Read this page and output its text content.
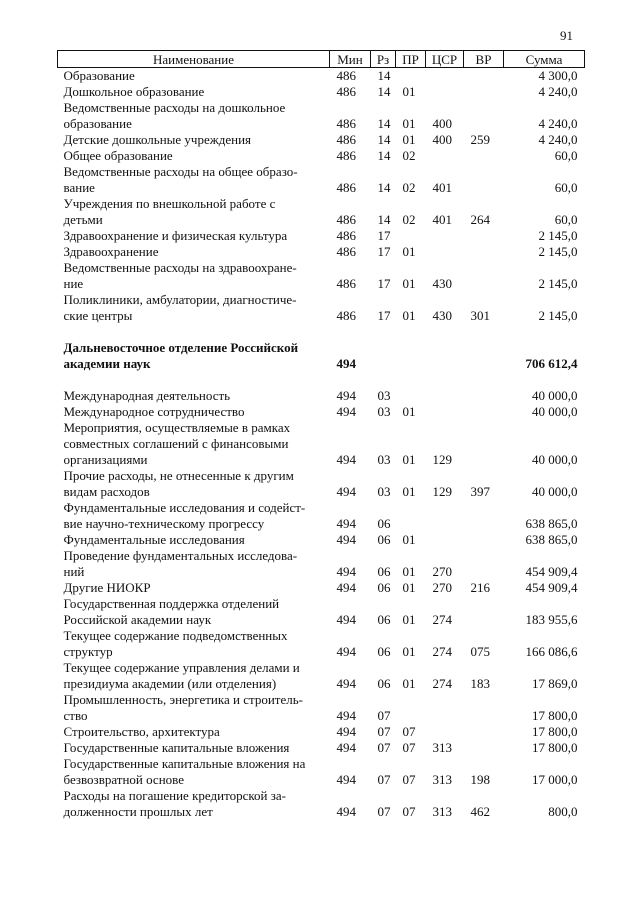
91
Наименование	Мин	Рз	ПР	ЦСР	ВР	Сумма

Образование	486	14				4 300,0

Дошкольное образование	486	14	01			4 240,0

Ведомственные расходы на дошкольное
образование	486	14	01	400		4 240,0

Детские дошкольные учреждения	486	14	01	400	259	4 240,0

Общее образование	486	14	02			60,0

Ведомственные расходы на общее образо-
вание	486	14	02	401		60,0

Учреждения по внешкольной работе с
детьми	486	14	02	401	264	60,0

Здравоохранение и физическая культура	486	17				2 145,0

Здравоохранение	486	17	01			2 145,0

Ведомственные расходы на здравоохране-
ние	486	17	01	430		2 145,0

Поликлиники, амбулатории, диагностиче-
ские центры	486	17	01	430	301	2 145,0

Дальневосточное отделение Российской
академии наук	494					706 612,4

Международная деятельность	494	03				40 000,0

Международное сотрудничество	494	03	01			40 000,0

Мероприятия, осуществляемые в рамках
совместных соглашений с финансовыми
организациями	494	03	01	129		40 000,0

Прочие расходы, не отнесенные к другим
видам расходов	494	03	01	129	397	40 000,0

Фундаментальные исследования и содейст-
вие научно-техническому прогрессу	494	06				638 865,0

Фундаментальные исследования	494	06	01			638 865,0

Проведение фундаментальных исследова-
ний	494	06	01	270		454 909,4

Другие НИОКР	494	06	01	270	216	454 909,4

Государственная поддержка отделений
Российской академии наук	494	06	01	274		183 955,6

Текущее содержание подведомственных
структур	494	06	01	274	075	166 086,6

Текущее содержание управления делами и
президиума академии (или отделения)	494	06	01	274	183	17 869,0

Промышленность, энергетика и строитель-
ство	494	07				17 800,0

Строительство, архитектура	494	07	07			17 800,0

Государственные капитальные вложения	494	07	07	313		17 800,0

Государственные капитальные вложения на
безвозвратной основе	494	07	07	313	198	17 000,0

Расходы на погашение кредиторской за-
долженности прошлых лет	494	07	07	313	462	800,0
